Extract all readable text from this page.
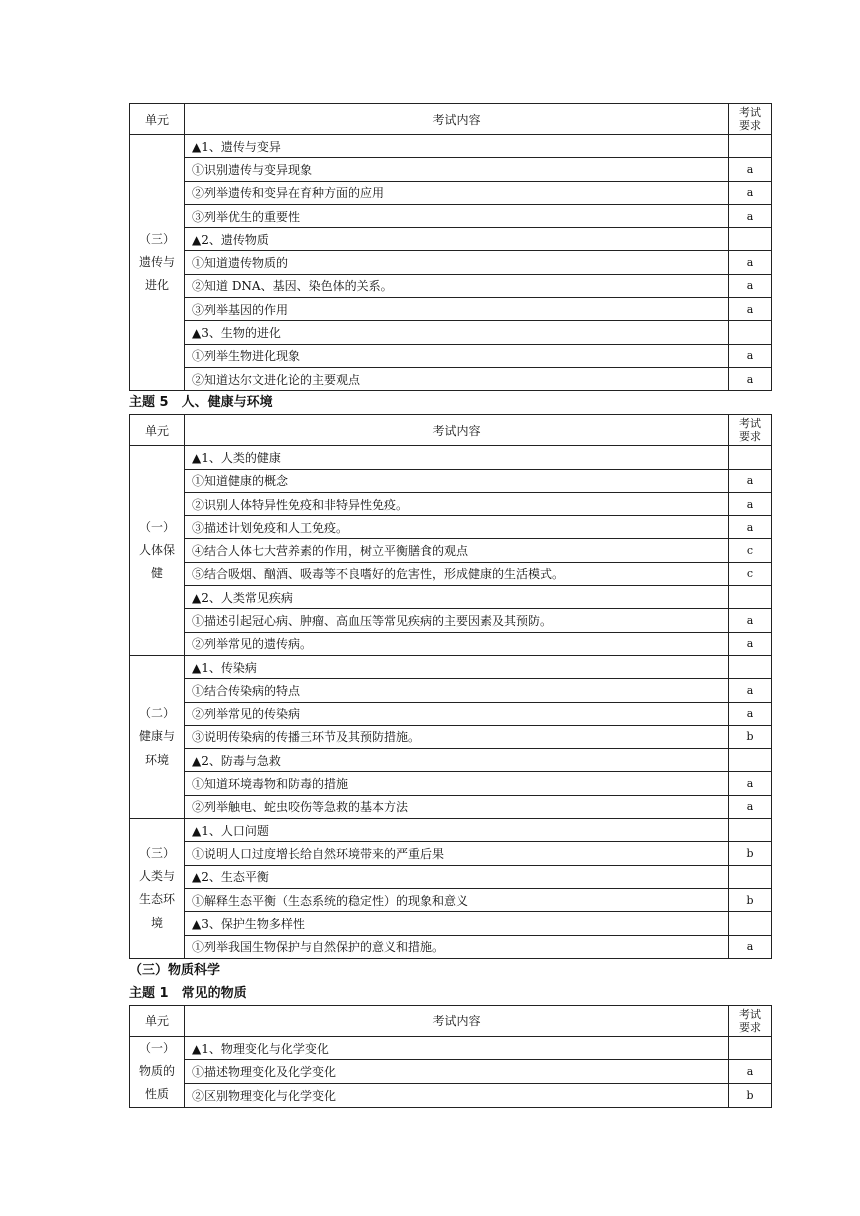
单元	考试内容	考试
要求

（三）
遗传与
进化	▲1、遗传与变异	
	①识别遗传与变异现象	a
	②列举遗传和变异在育种方面的应用	a
	③列举优生的重要性	a
	▲2、遗传物质	
	①知道遗传物质的	a
	②知道 DNA、基因、染色体的关系。	a
	③列举基因的作用	a
	▲3、生物的进化	
	①列举生物进化现象	a
	②知道达尔文进化论的主要观点	a
主题 5　人、健康与环境
单元	考试内容	考试
要求

（一）
人体保
健	▲1、人类的健康	
	①知道健康的概念	a
	②识别人体特异性免疫和非特异性免疫。	a
	③描述计划免疫和人工免疫。	a
	④结合人体七大营养素的作用，树立平衡膳食的观点	c
	⑤结合吸烟、酗酒、吸毒等不良嗜好的危害性，形成健康的生活模式。	c
	▲2、人类常见疾病	
	①描述引起冠心病、肿瘤、高血压等常见疾病的主要因素及其预防。	a
	②列举常见的遗传病。	a

（二）
健康与
环境	▲1、传染病	
	①结合传染病的特点	a
	②列举常见的传染病	a
	③说明传染病的传播三环节及其预防措施。	b
	▲2、防毒与急救	
	①知道环境毒物和防毒的措施	a
	②列举触电、蛇虫咬伤等急救的基本方法	a

（三）
人类与
生态环
境	▲1、人口问题	
	①说明人口过度增长给自然环境带来的严重后果	b
	▲2、生态平衡	
	①解释生态平衡（生态系统的稳定性）的现象和意义	b
	▲3、保护生物多样性	
	①列举我国生物保护与自然保护的意义和措施。	a
（三）物质科学
主题 1　常见的物质
单元	考试内容	考试
要求

（一）
物质的
性质	▲1、物理变化与化学变化	
	①描述物理变化及化学变化	a
	②区别物理变化与化学变化	b
